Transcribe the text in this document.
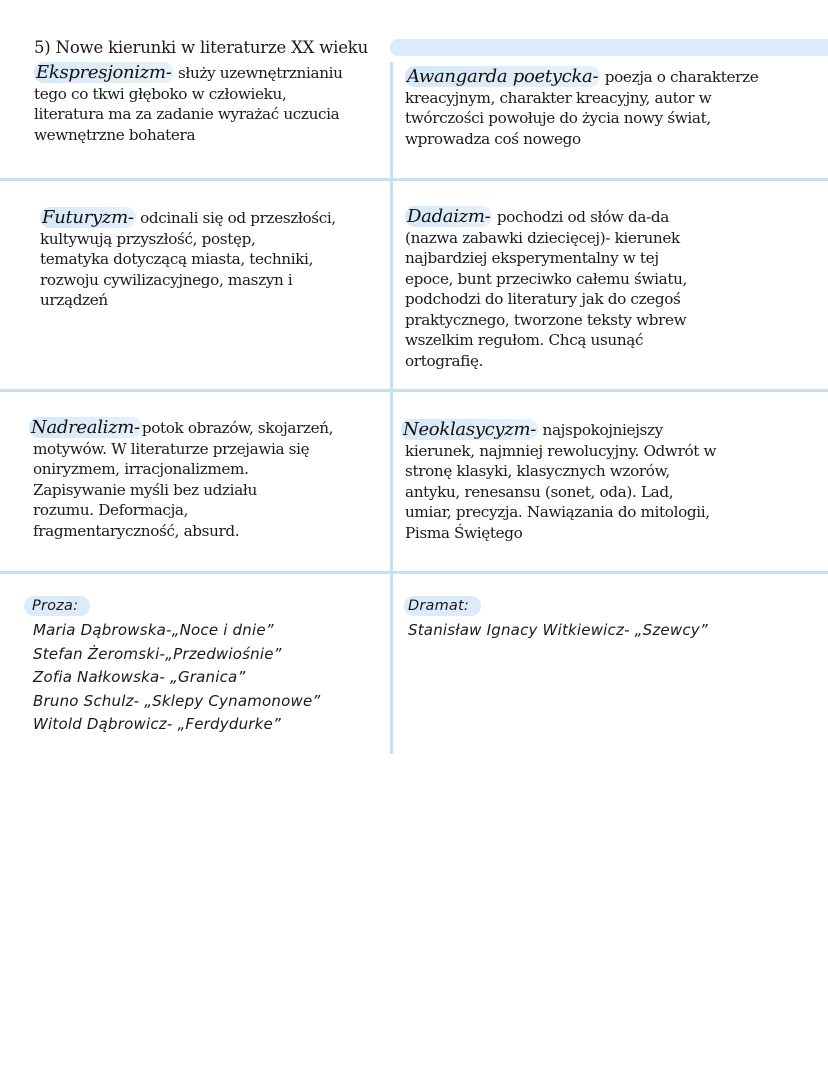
5) Nowe kierunki w literaturze XX wieku
Ekspresjonizm- służy uzewnętrznianiu
tego co tkwi głęboko w człowieku,
literatura ma za zadanie wyrażać uczucia
wewnętrzne bohatera
Awangarda poetycka- poezja o charakterze
kreacyjnym, charakter kreacyjny, autor w
twórczości powołuje do życia nowy świat,
wprowadza coś nowego
Futuryzm- odcinali się od przeszłości,
kultywują przyszłość, postęp,
tematyka dotyczącą miasta, techniki,
rozwoju cywilizacyjnego, maszyn i
urządzeń
Dadaizm- pochodzi od słów da-da
(nazwa zabawki dziecięcej)- kierunek
najbardziej eksperymentalny w tej
epoce, bunt przeciwko całemu światu,
podchodzi do literatury jak do czegoś
praktycznego, tworzone teksty wbrew
wszelkim regułom. Chcą usunąć
ortografię.
Nadrealizm- potok obrazów, skojarzeń,
motywów. W literaturze przejawia się
oniryzmem, irracjonalizmem.
Zapisywanie myśli bez udziału
rozumu. Deformacja,
fragmentaryczność, absurd.
Neoklasycyzm- najspokojniejszy
kierunek, najmniej rewolucyjny. Odwrót w
stronę klasyki, klasycznych wzorów,
antyku, renesansu (sonet, oda). Lad,
umiar, precyzja. Nawiązania do mitologii,
Pisma Świętego
Proza:
Maria Dąbrowska-„Noce i dnie”
Stefan Żeromski-„Przedwiośnie”
Zofia Nałkowska- „Granica”
Bruno Schulz- „Sklepy Cynamonowe”
Witold Dąbrowicz- „Ferdydurke”
Dramat:
Stanisław Ignacy Witkiewicz- „Szewcy”
